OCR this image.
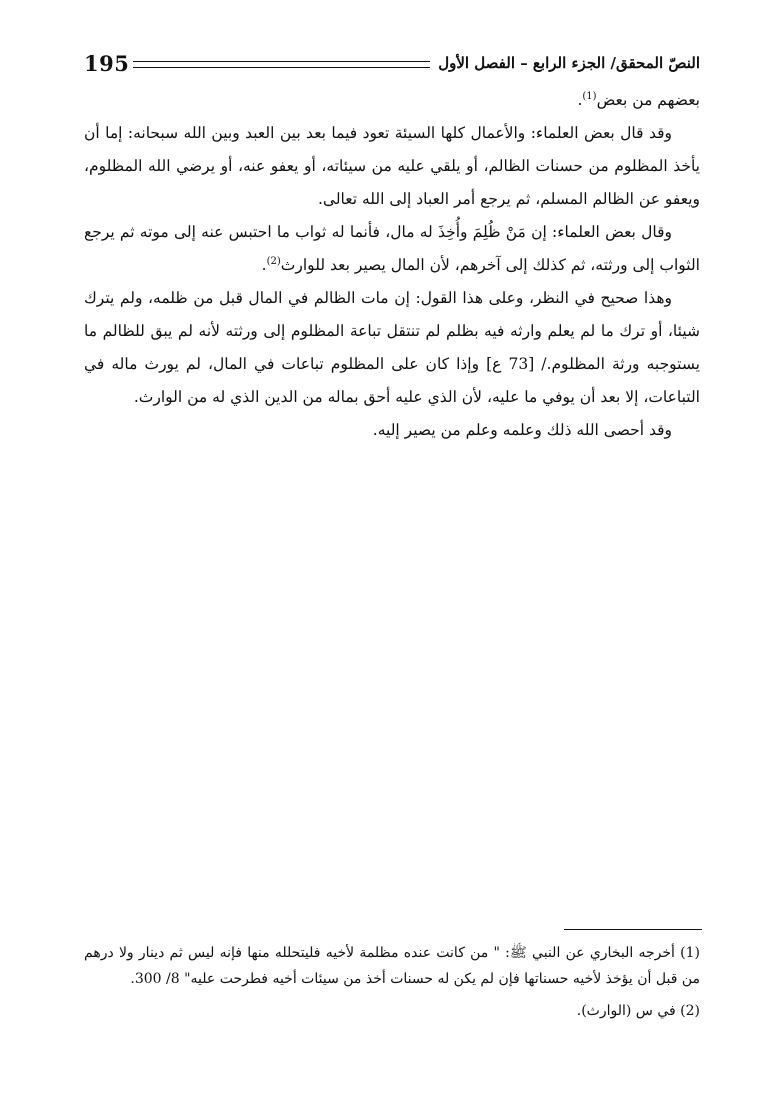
195	النصّ المحقق/ الجزء الرابع – الفصل الأول

بعضهم من بعض$^{(1)}$.

وقد قال بعض العلماء: والأعمال كلها السيئة تعود فيما بعد بين العبد وبين الله سبحانه: إما أن يأخذ المظلوم من حسنات الظالم، أو يلقي عليه من سيئاته، أو يعفو عنه، أو يرضي الله المظلوم، ويعفو عن الظالم المسلم، ثم يرجع أمر العباد إلى الله تعالى.

وقال بعض العلماء: إن مَنْ ظُلِمَ وأُخِذَ له مال، فأنما له ثواب ما احتبس عنه إلى موته ثم يرجع الثواب إلى ورثته، ثم كذلك إلى آخرهم، لأن المال يصير بعد للوارث$^{(2)}$.

وهذا صحيح في النظر، وعلى هذا القول: إن مات الظالم في المال قبل من ظلمه، ولم يترك شيئا، أو ترك ما لم يعلم وارثه فيه بظلم لم تنتقل تباعة المظلوم إلى ورثته لأنه لم يبق للظالم ما يستوجبه ورثة المظلوم./ [73 ع] وإذا كان على المظلوم تباعات في المال، لم يورث ماله في التباعات، إلا بعد أن يوفي ما عليه، لأن الذي عليه أحق بماله من الدين الذي له من الوارث.

وقد أحصى الله ذلك وعلمه وعلم من يصير إليه.

(1) أخرجه البخاري عن النبي ﷺ: " من كانت عنده مظلمة لأخيه فليتحلله منها فإنه ليس ثم دينار ولا درهم من قبل أن يؤخذ لأخيه حسناتها فإن لم يكن له حسنات أخذ من سيئات أخيه فطرحت عليه" 8/ 300.

(2) في س (الوارث).
